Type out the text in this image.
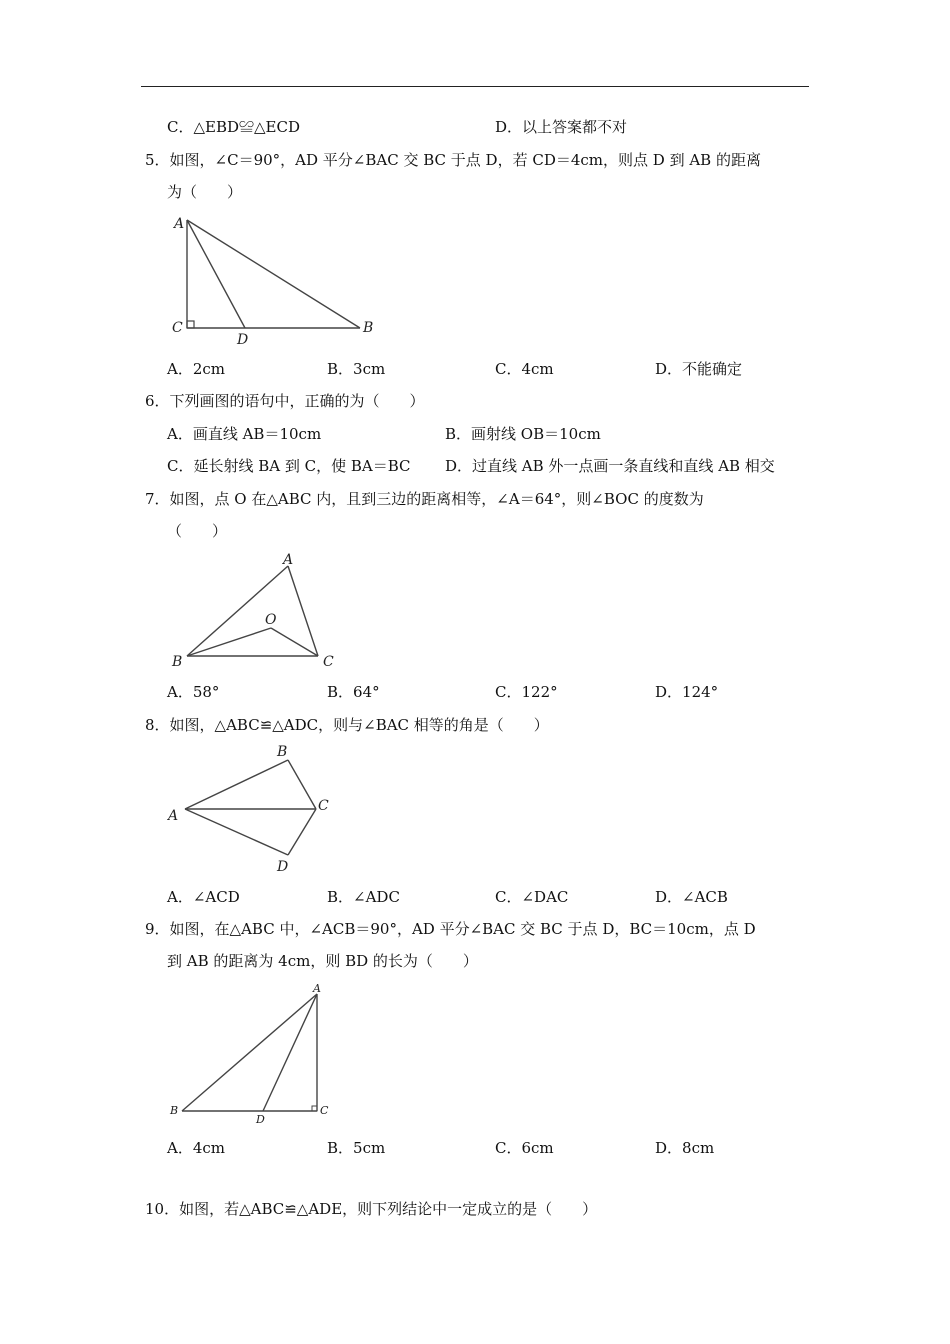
C．△EBD≌△ECD	D．以上答案都不对
5．如图，∠C＝90°，AD 平分∠BAC 交 BC 于点 D，若 CD＝4cm，则点 D 到 AB 的距离
为（　　）
A
C
D
B
A．2cm	B．3cm	C．4cm	D．不能确定
6．下列画图的语句中，正确的为（　　）
A．画直线 AB＝10cm	B．画射线 OB＝10cm
C．延长射线 BA 到 C，使 BA＝BC D．过直线 AB 外一点画一条直线和直线 AB 相交
7．如图，点 O 在△ABC 内，且到三边的距离相等，∠A＝64°，则∠BOC 的度数为
（　　）
A
O
B	C
A．58°	B．64°	C．122°	D．124°
8．如图，△ABC≌△ADC，则与∠BAC 相等的角是（　　）
B
A
C
D
A．∠ACD	B．∠ADC	C．∠DAC	D．∠ACB
9．如图，在△ABC 中，∠ACB＝90°，AD 平分∠BAC 交 BC 于点 D，BC＝10cm，点 D
到 AB 的距离为 4cm，则 BD 的长为（　　）
A
B
D
C
A．4cm	B．5cm	C．6cm	D．8cm
10．如图，若△ABC≌△ADE，则下列结论中一定成立的是（　　）
